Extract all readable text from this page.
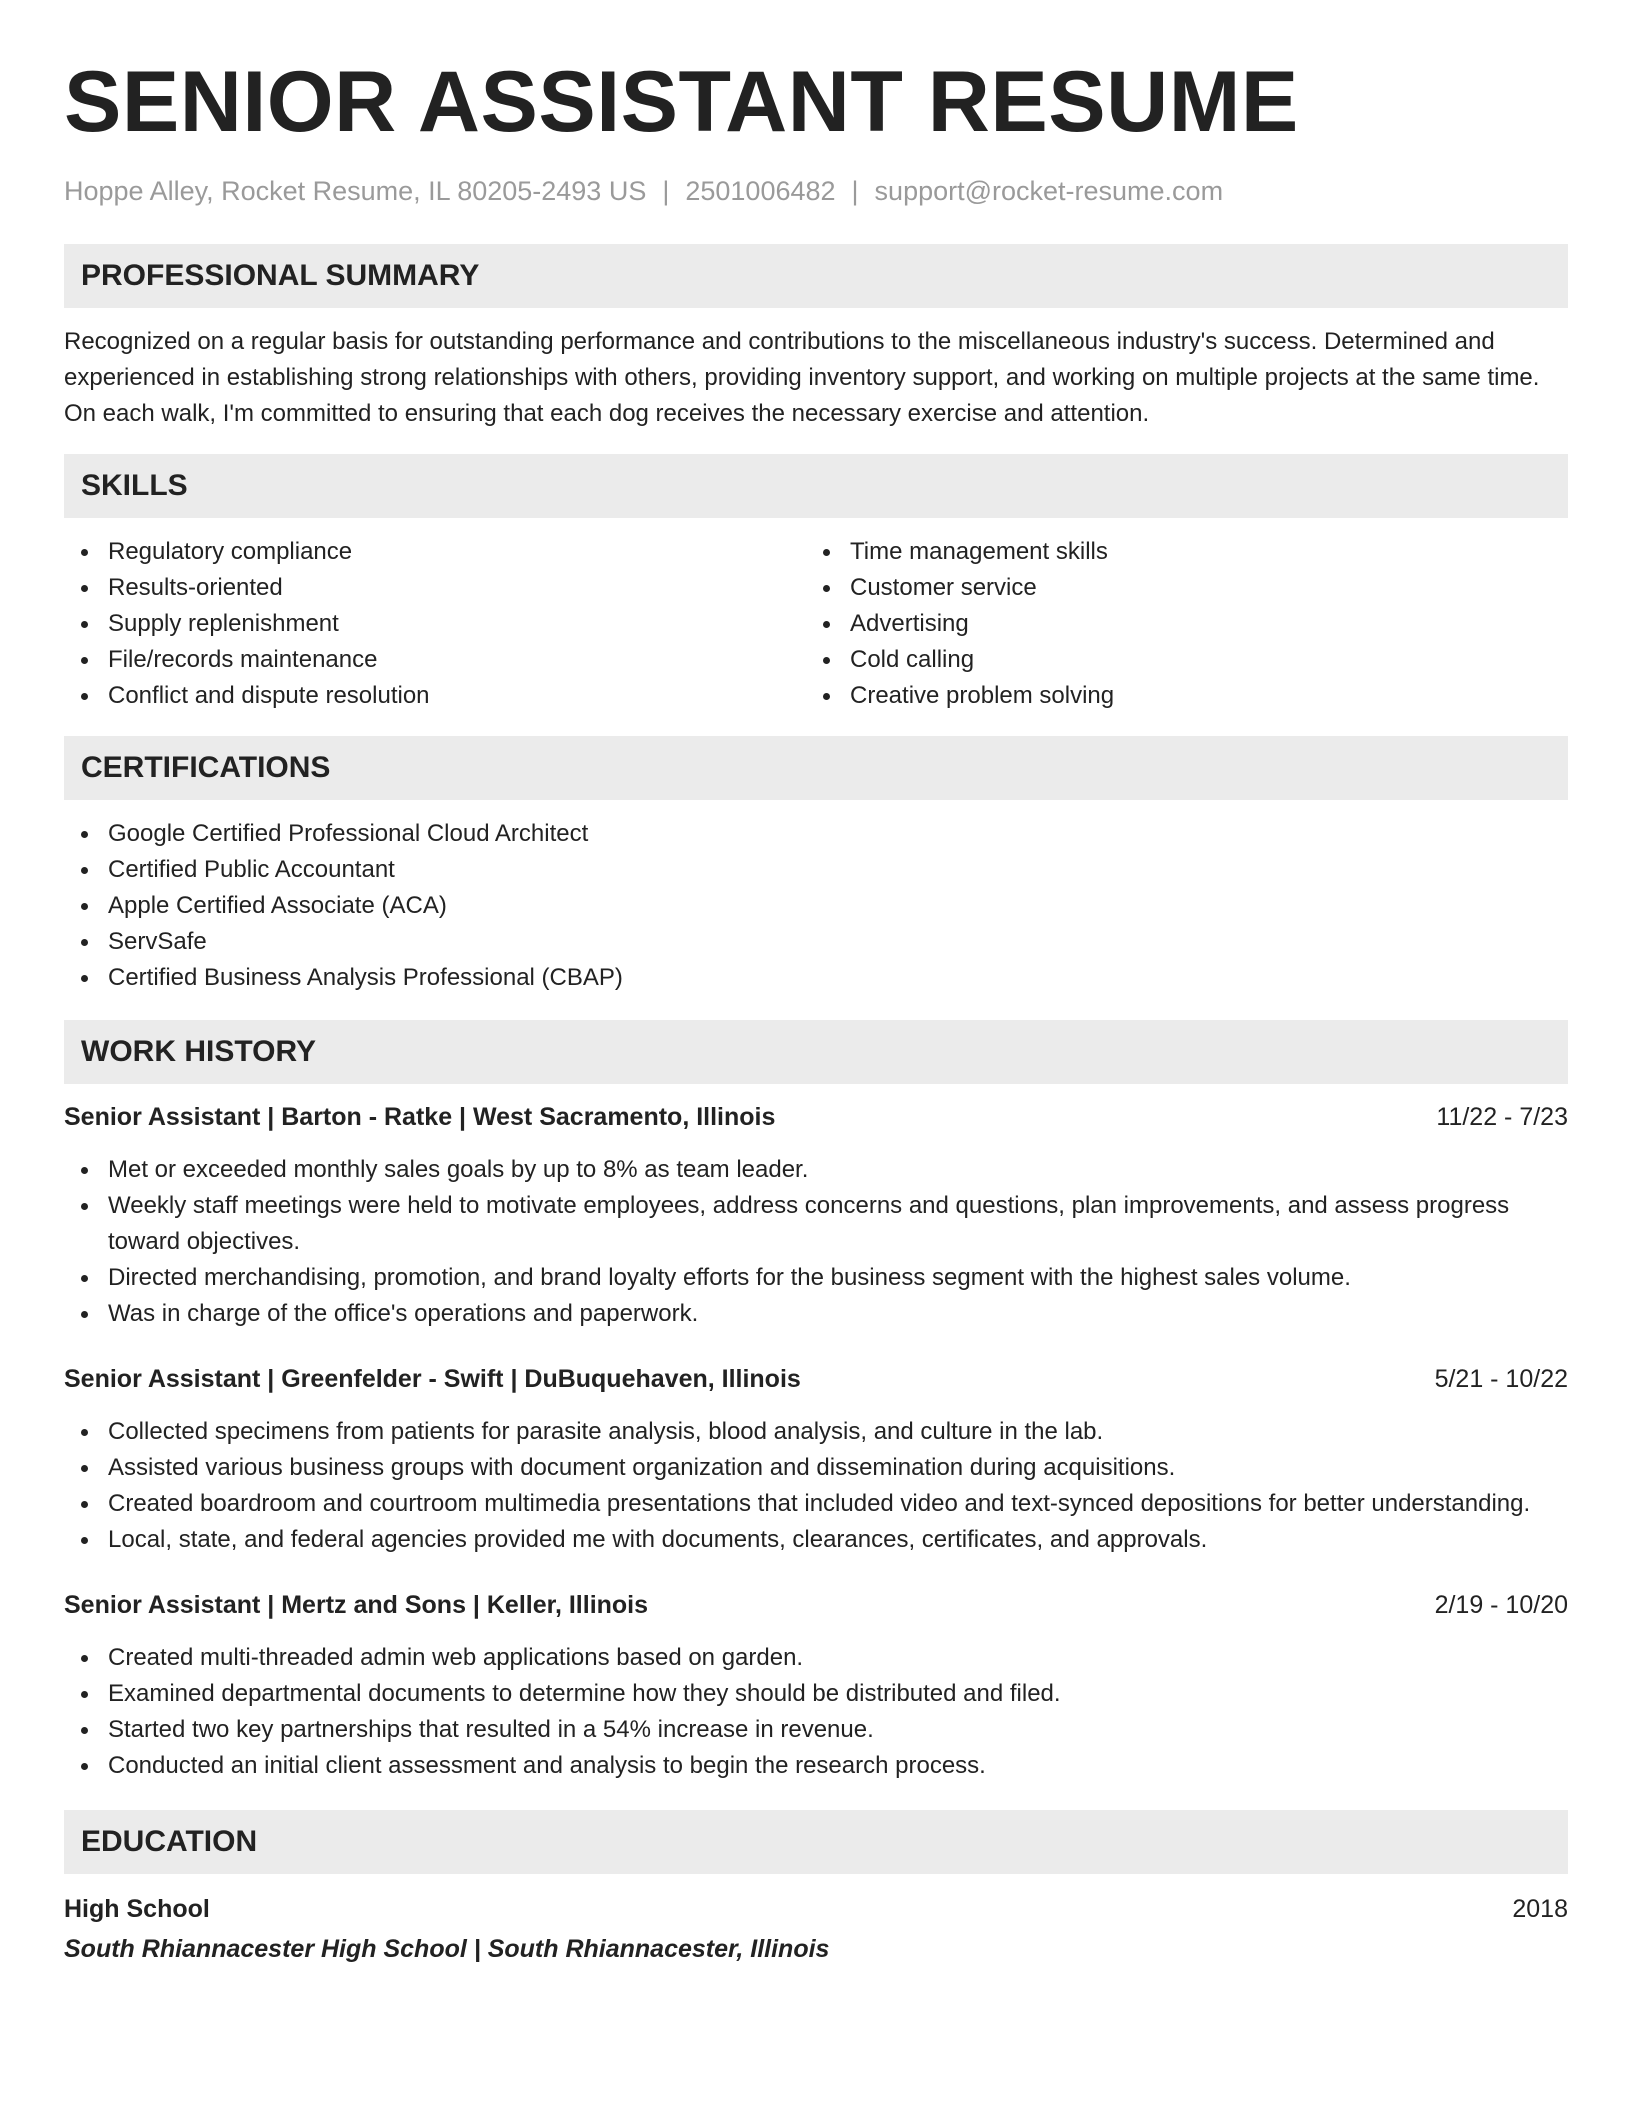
SENIOR ASSISTANT RESUME
Hoppe Alley, Rocket Resume, IL 80205-2493 US | 2501006482 | support@rocket-resume.com
PROFESSIONAL SUMMARY

Recognized on a regular basis for outstanding performance and contributions to the miscellaneous industry's success. Determined and experienced in establishing strong relationships with others, providing inventory support, and working on multiple projects at the same time. On each walk, I'm committed to ensuring that each dog receives the necessary exercise and attention.

SKILLS
Regulatory compliance
Results-oriented
Supply replenishment
File/records maintenance
Conflict and dispute resolution
Time management skills
Customer service
Advertising
Cold calling
Creative problem solving
CERTIFICATIONS
Google Certified Professional Cloud Architect
Certified Public Accountant
Apple Certified Associate (ACA)
ServSafe
Certified Business Analysis Professional (CBAP)
WORK HISTORY
Senior Assistant | Barton - Ratke | West Sacramento, Illinois	11/22 - 7/23
Met or exceeded monthly sales goals by up to 8% as team leader.
Weekly staff meetings were held to motivate employees, address concerns and questions, plan improvements, and assess progress toward objectives.
Directed merchandising, promotion, and brand loyalty efforts for the business segment with the highest sales volume.
Was in charge of the office's operations and paperwork.
Senior Assistant | Greenfelder - Swift | DuBuquehaven, Illinois	5/21 - 10/22
Collected specimens from patients for parasite analysis, blood analysis, and culture in the lab.
Assisted various business groups with document organization and dissemination during acquisitions.
Created boardroom and courtroom multimedia presentations that included video and text-synced depositions for better understanding.
Local, state, and federal agencies provided me with documents, clearances, certificates, and approvals.
Senior Assistant | Mertz and Sons | Keller, Illinois	2/19 - 10/20
Created multi-threaded admin web applications based on garden.
Examined departmental documents to determine how they should be distributed and filed.
Started two key partnerships that resulted in a 54% increase in revenue.
Conducted an initial client assessment and analysis to begin the research process.
EDUCATION
High School	2018
South Rhiannacester High School | South Rhiannacester, Illinois
